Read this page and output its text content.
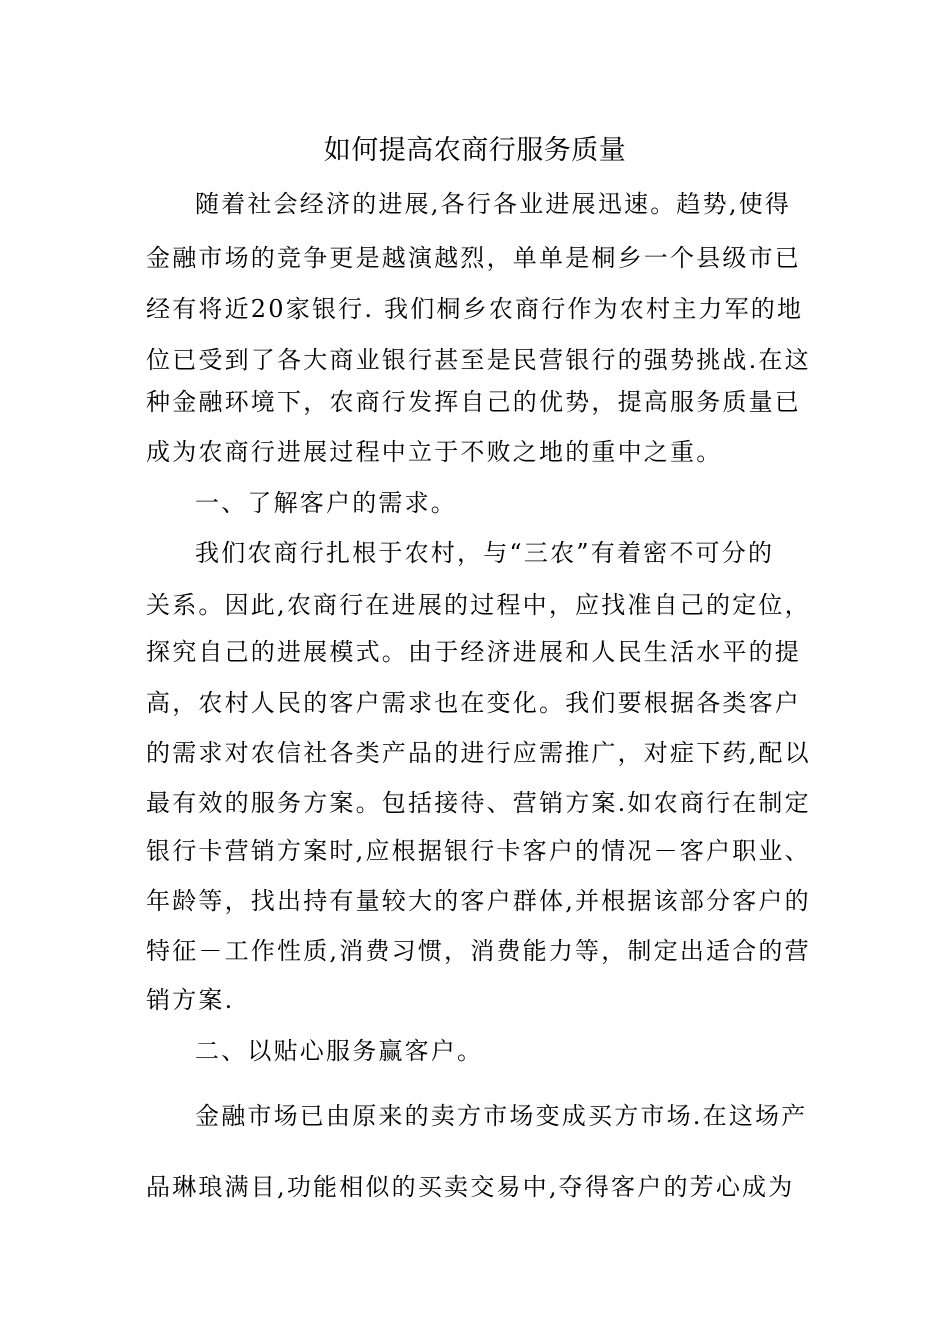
如何提高农商行服务质量
随着社会经济的进展,各行各业进展迅速。趋势,使得
金融市场的竞争更是越演越烈，单单是桐乡一个县级市已
经有将近20家银行. 我们桐乡农商行作为农村主力军的地
位已受到了各大商业银行甚至是民营银行的强势挑战.在这
种金融环境下，农商行发挥自己的优势，提高服务质量已
成为农商行进展过程中立于不败之地的重中之重。
一、了解客户的需求。
我们农商行扎根于农村，与“三农”有着密不可分的
关系。因此,农商行在进展的过程中，应找准自己的定位，
探究自己的进展模式。由于经济进展和人民生活水平的提
高，农村人民的客户需求也在变化。我们要根据各类客户
的需求对农信社各类产品的进行应需推广，对症下药,配以
最有效的服务方案。包括接待、营销方案.如农商行在制定
银行卡营销方案时,应根据银行卡客户的情况－客户职业、
年龄等，找出持有量较大的客户群体,并根据该部分客户的
特征－工作性质,消费习惯，消费能力等，制定出适合的营
销方案.
二、以贴心服务赢客户。
金融市场已由原来的卖方市场变成买方市场.在这场产
品琳琅满目,功能相似的买卖交易中,夺得客户的芳心成为
